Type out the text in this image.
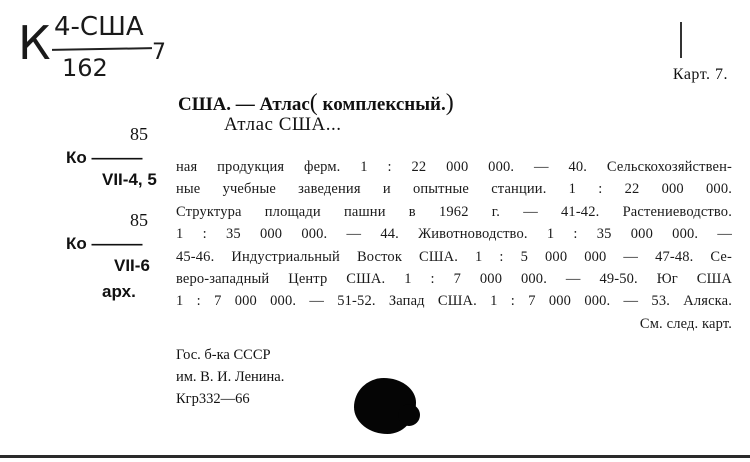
К 4-США
162
7
Карт. 7.
США. — Атлас( комплексный.)
Атлас США...
85
Ко ———
VII-4, 5
85
Ко ———
VII-6
арх.
ная продукция ферм. 1 : 22 000 000. — 40. Сельскохозяйствен-
ные учебные заведения и опытные станции. 1 : 22 000 000.
Структура площади пашни в 1962 г. — 41-42. Растениеводство.
1 : 35 000 000. — 44. Животноводство. 1 : 35 000 000. —
45-46. Индустриальный Восток США. 1 : 5 000 000 — 47-48. Се-
веро-западный Центр США. 1 : 7 000 000. — 49-50. Юг США
1 : 7 000 000. — 51-52. Запад США. 1 : 7 000 000. — 53. Аляска.
См. след. карт.
Гос. б-ка СССР
им. В. И. Ленина.
Кгр332—66
